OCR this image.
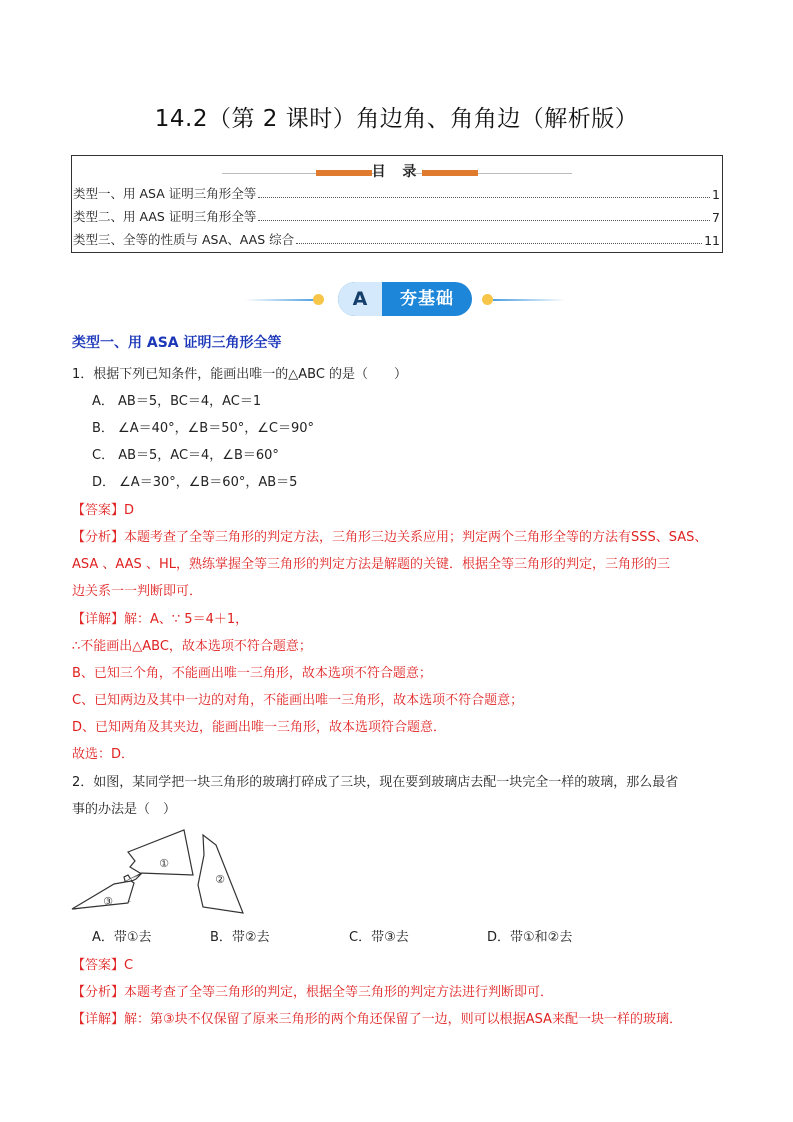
14.2（第 2 课时）角边角、角角边（解析版）
目 录
类型一、用 ASA 证明三角形全等	1
类型二、用 AAS 证明三角形全等	7
类型三、全等的性质与 ASA、AAS 综合	11
A	夯基础
类型一、用 ASA 证明三角形全等
1．根据下列已知条件，能画出唯一的△ABC 的是（　　）
A． AB＝5，BC＝4，AC＝1
B． ∠A＝40°，∠B＝50°，∠C＝90°
C． AB＝5，AC＝4，∠B＝60°
D． ∠A＝30°，∠B＝60°，AB＝5
【答案】D
【分析】本题考查了全等三角形的判定方法，三角形三边关系应用；判定两个三角形全等的方法有SSS、SAS、
ASA 、AAS 、HL，熟练掌握全等三角形的判定方法是解题的关键．根据全等三角形的判定，三角形的三
边关系一一判断即可．
【详解】解：A、∵ 5＝4＋1，
∴不能画出△ABC，故本选项不符合题意；
B、已知三个角，不能画出唯一三角形，故本选项不符合题意；
C、已知两边及其中一边的对角，不能画出唯一三角形，故本选项不符合题意；
D、已知两角及其夹边，能画出唯一三角形，故本选项符合题意．
故选：D．
2．如图，某同学把一块三角形的玻璃打碎成了三块，现在要到玻璃店去配一块完全一样的玻璃，那么最省
事的办法是（　）
①
②
③
A．带①去	B．带②去	C．带③去	D．带①和②去
【答案】C
【分析】本题考查了全等三角形的判定，根据全等三角形的判定方法进行判断即可．
【详解】解：第③块不仅保留了原来三角形的两个角还保留了一边，则可以根据ASA来配一块一样的玻璃．
